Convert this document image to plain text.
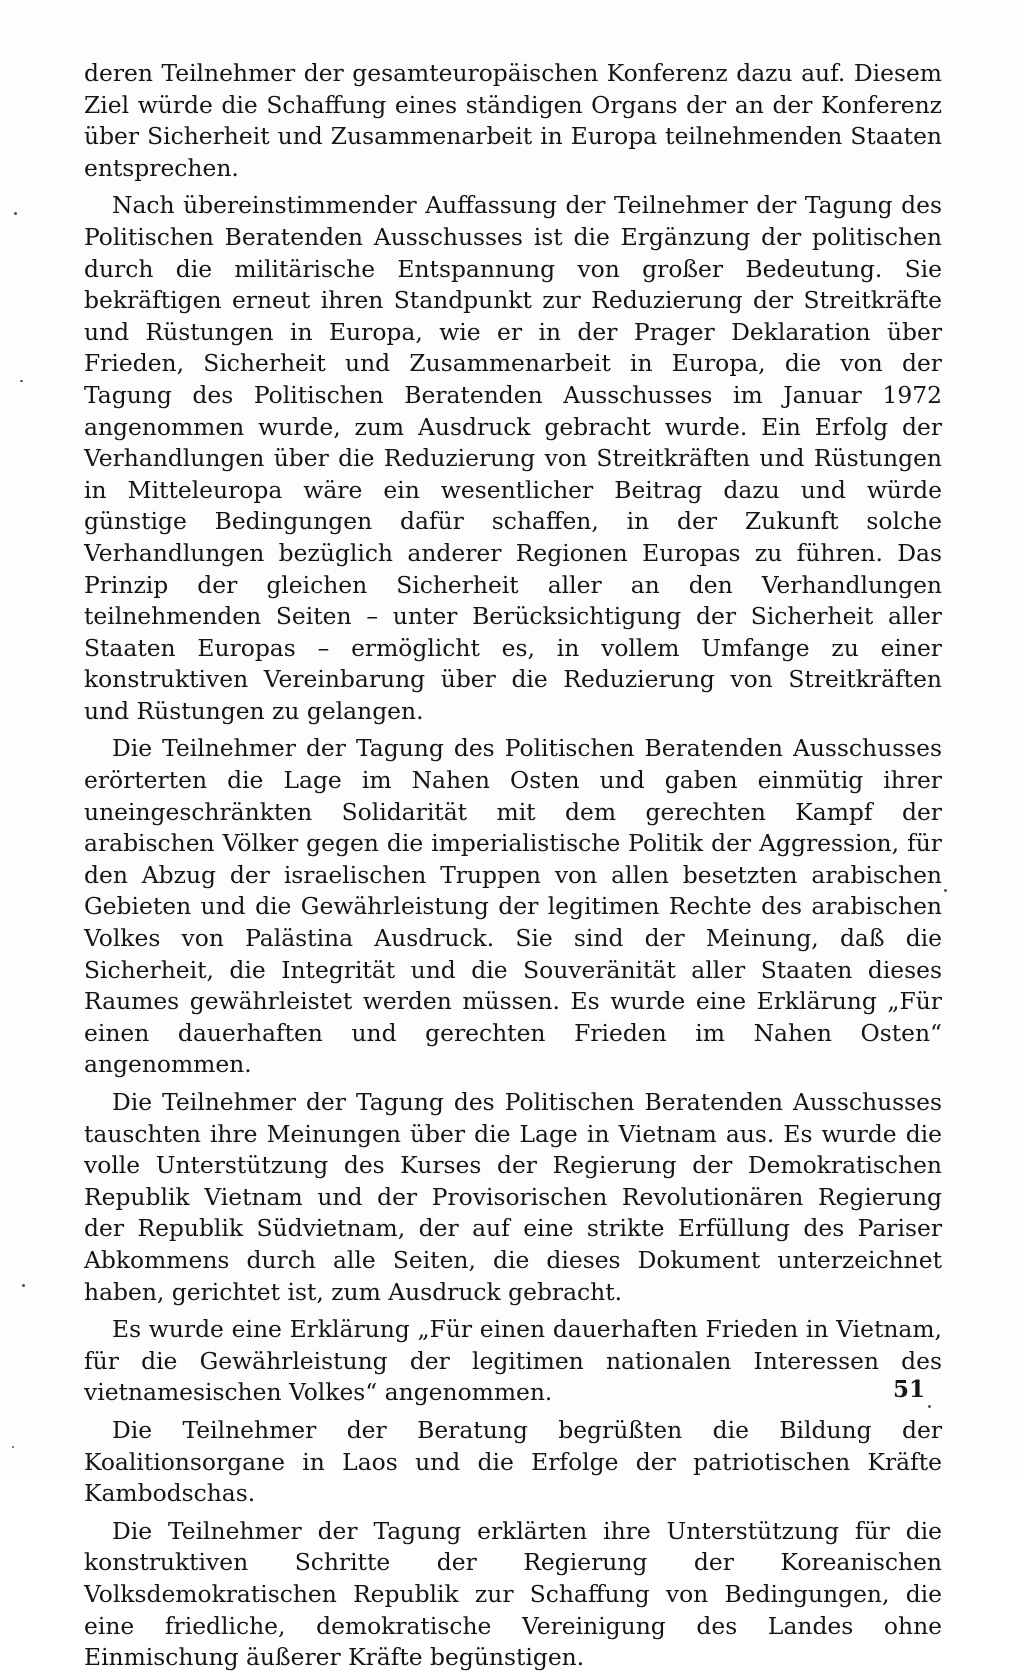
deren Teilnehmer der gesamteuropäischen Konferenz dazu auf. Diesem Ziel würde die Schaffung eines ständigen Organs der an der Konferenz über Sicherheit und Zusammenarbeit in Europa teilnehmenden Staaten entsprechen.

Nach übereinstimmender Auffassung der Teilnehmer der Tagung des Politischen Beratenden Ausschusses ist die Ergänzung der politischen durch die militärische Entspannung von großer Bedeutung. Sie bekräftigen erneut ihren Standpunkt zur Reduzierung der Streitkräfte und Rüstungen in Europa, wie er in der Prager Deklaration über Frieden, Sicherheit und Zusammenarbeit in Europa, die von der Tagung des Politischen Beratenden Ausschusses im Januar 1972 angenommen wurde, zum Ausdruck gebracht wurde. Ein Erfolg der Verhandlungen über die Reduzierung von Streitkräften und Rüstungen in Mitteleuropa wäre ein wesentlicher Beitrag dazu und würde günstige Bedingungen dafür schaffen, in der Zukunft solche Verhandlungen bezüglich anderer Regionen Europas zu führen. Das Prinzip der gleichen Sicherheit aller an den Verhandlungen teilnehmenden Seiten – unter Berücksichtigung der Sicherheit aller Staaten Europas – ermöglicht es, in vollem Umfange zu einer konstruktiven Vereinbarung über die Reduzierung von Streitkräften und Rüstungen zu gelangen.

Die Teilnehmer der Tagung des Politischen Beratenden Ausschusses erörterten die Lage im Nahen Osten und gaben einmütig ihrer uneingeschränkten Solidarität mit dem gerechten Kampf der arabischen Völker gegen die imperialistische Politik der Aggression, für den Abzug der israelischen Truppen von allen besetzten arabischen Gebieten und die Gewährleistung der legitimen Rechte des arabischen Volkes von Palästina Ausdruck. Sie sind der Meinung, daß die Sicherheit, die Integrität und die Souveränität aller Staaten dieses Raumes gewährleistet werden müssen. Es wurde eine Erklärung „Für einen dauerhaften und gerechten Frieden im Nahen Osten“ angenommen.

Die Teilnehmer der Tagung des Politischen Beratenden Ausschusses tauschten ihre Meinungen über die Lage in Vietnam aus. Es wurde die volle Unterstützung des Kurses der Regierung der Demokratischen Republik Vietnam und der Provisorischen Revolutionären Regierung der Republik Südvietnam, der auf eine strikte Erfüllung des Pariser Abkommens durch alle Seiten, die dieses Dokument unterzeichnet haben, gerichtet ist, zum Ausdruck gebracht.

Es wurde eine Erklärung „Für einen dauerhaften Frieden in Vietnam, für die Gewährleistung der legitimen nationalen Interessen des vietnamesischen Volkes“ angenommen.

Die Teilnehmer der Beratung begrüßten die Bildung der Koalitionsorgane in Laos und die Erfolge der patriotischen Kräfte Kambodschas.

Die Teilnehmer der Tagung erklärten ihre Unterstützung für die konstruktiven Schritte der Regierung der Koreanischen Volksdemokratischen Republik zur Schaffung von Bedingungen, die eine friedliche, demokratische Vereinigung des Landes ohne Einmischung äußerer Kräfte begünstigen.

51
